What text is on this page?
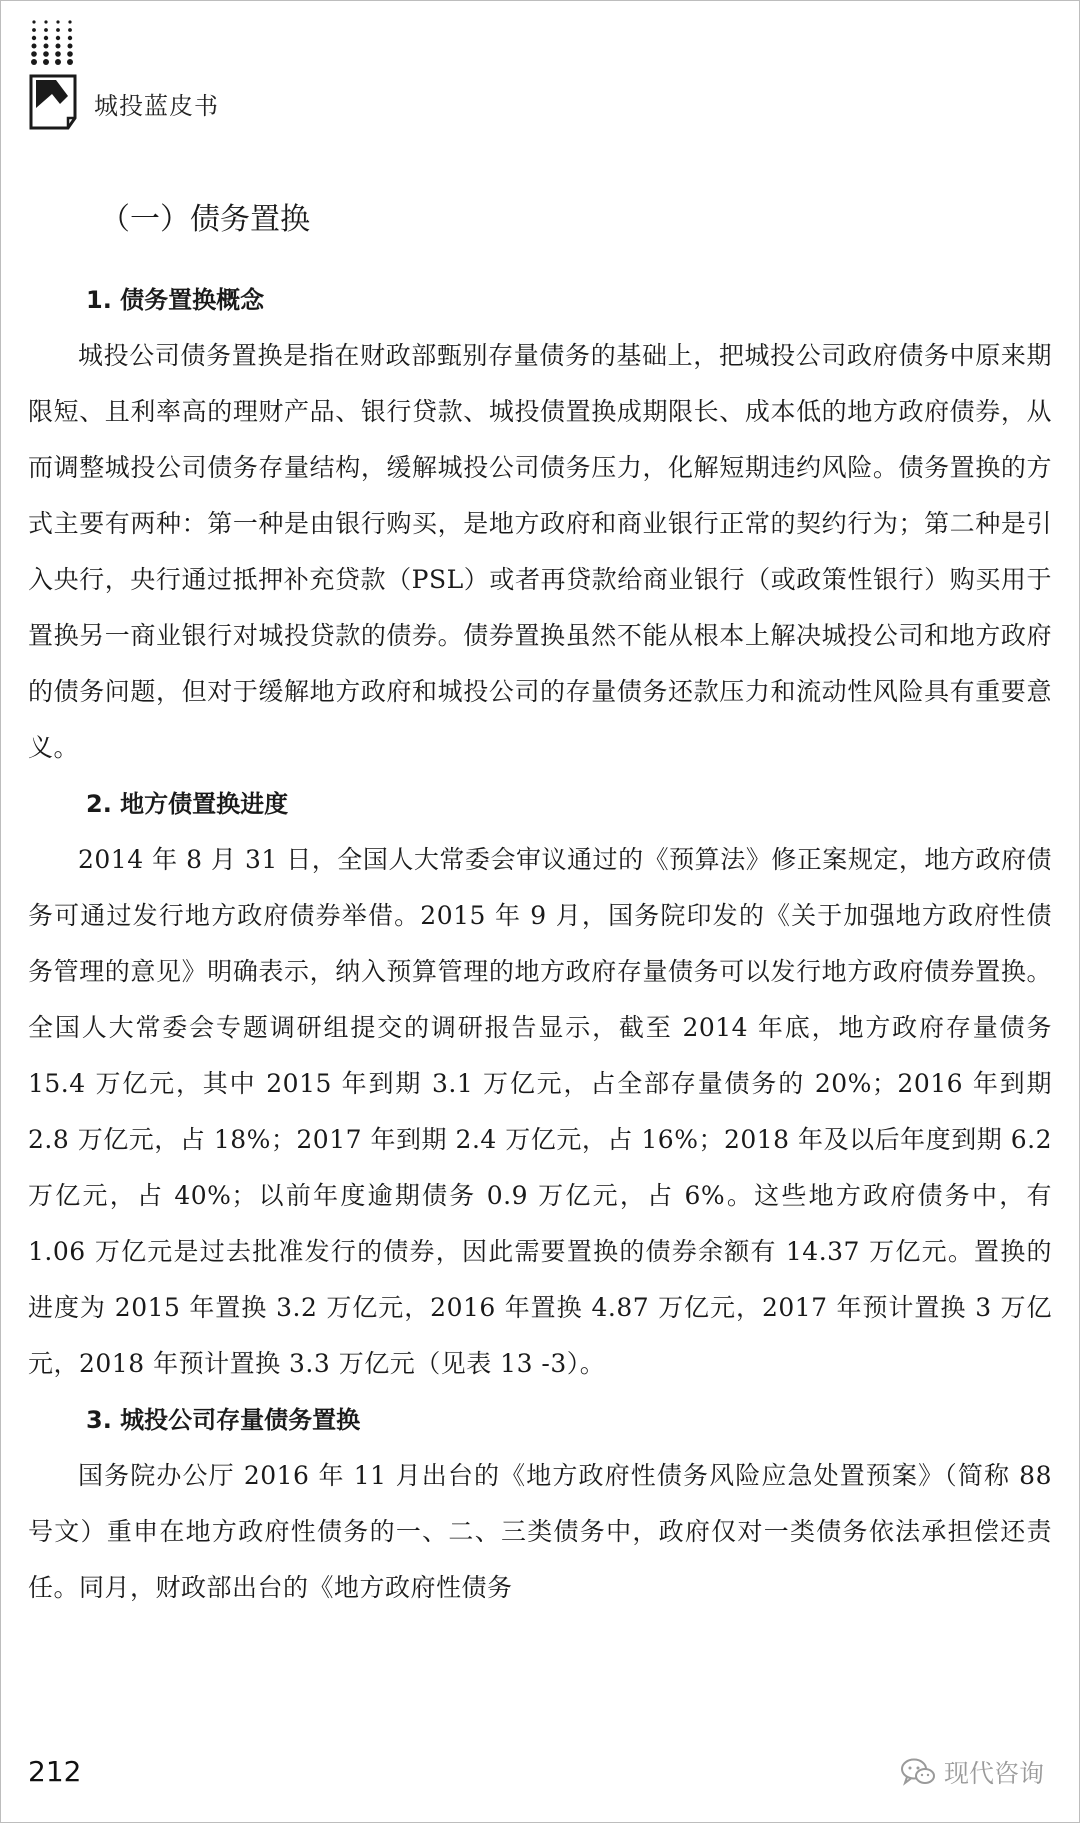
城投蓝皮书
（一）债务置换
1. 债务置换概念

城投公司债务置换是指在财政部甄别存量债务的基础上，把城投公司政府债务中原来期限短、且利率高的理财产品、银行贷款、城投债置换成期限长、成本低的地方政府债券，从而调整城投公司债务存量结构，缓解城投公司债务压力，化解短期违约风险。债务置换的方式主要有两种：第一种是由银行购买，是地方政府和商业银行正常的契约行为；第二种是引入央行，央行通过抵押补充贷款（PSL）或者再贷款给商业银行（或政策性银行）购买用于置换另一商业银行对城投贷款的债券。债券置换虽然不能从根本上解决城投公司和地方政府的债务问题，但对于缓解地方政府和城投公司的存量债务还款压力和流动性风险具有重要意义。

2. 地方债置换进度

2014 年 8 月 31 日，全国人大常委会审议通过的《预算法》修正案规定，地方政府债务可通过发行地方政府债券举借。2015 年 9 月，国务院印发的《关于加强地方政府性债务管理的意见》明确表示，纳入预算管理的地方政府存量债务可以发行地方政府债券置换。全国人大常委会专题调研组提交的调研报告显示，截至 2014 年底，地方政府存量债务 15.4 万亿元，其中 2015 年到期 3.1 万亿元，占全部存量债务的 20%；2016 年到期 2.8 万亿元，占 18%；2017 年到期 2.4 万亿元，占 16%；2018 年及以后年度到期 6.2 万亿元，占 40%；以前年度逾期债务 0.9 万亿元，占 6%。这些地方政府债务中，有 1.06 万亿元是过去批准发行的债券，因此需要置换的债券余额有 14.37 万亿元。置换的进度为 2015 年置换 3.2 万亿元，2016 年置换 4.87 万亿元，2017 年预计置换 3 万亿元，2018 年预计置换 3.3 万亿元（见表 13 -3）。

3. 城投公司存量债务置换

国务院办公厅 2016 年 11 月出台的《地方政府性债务风险应急处置预案》（简称 88 号文）重申在地方政府性债务的一、二、三类债务中，政府仅对一类债务依法承担偿还责任。同月，财政部出台的《地方政府性债务

212	现代咨询
